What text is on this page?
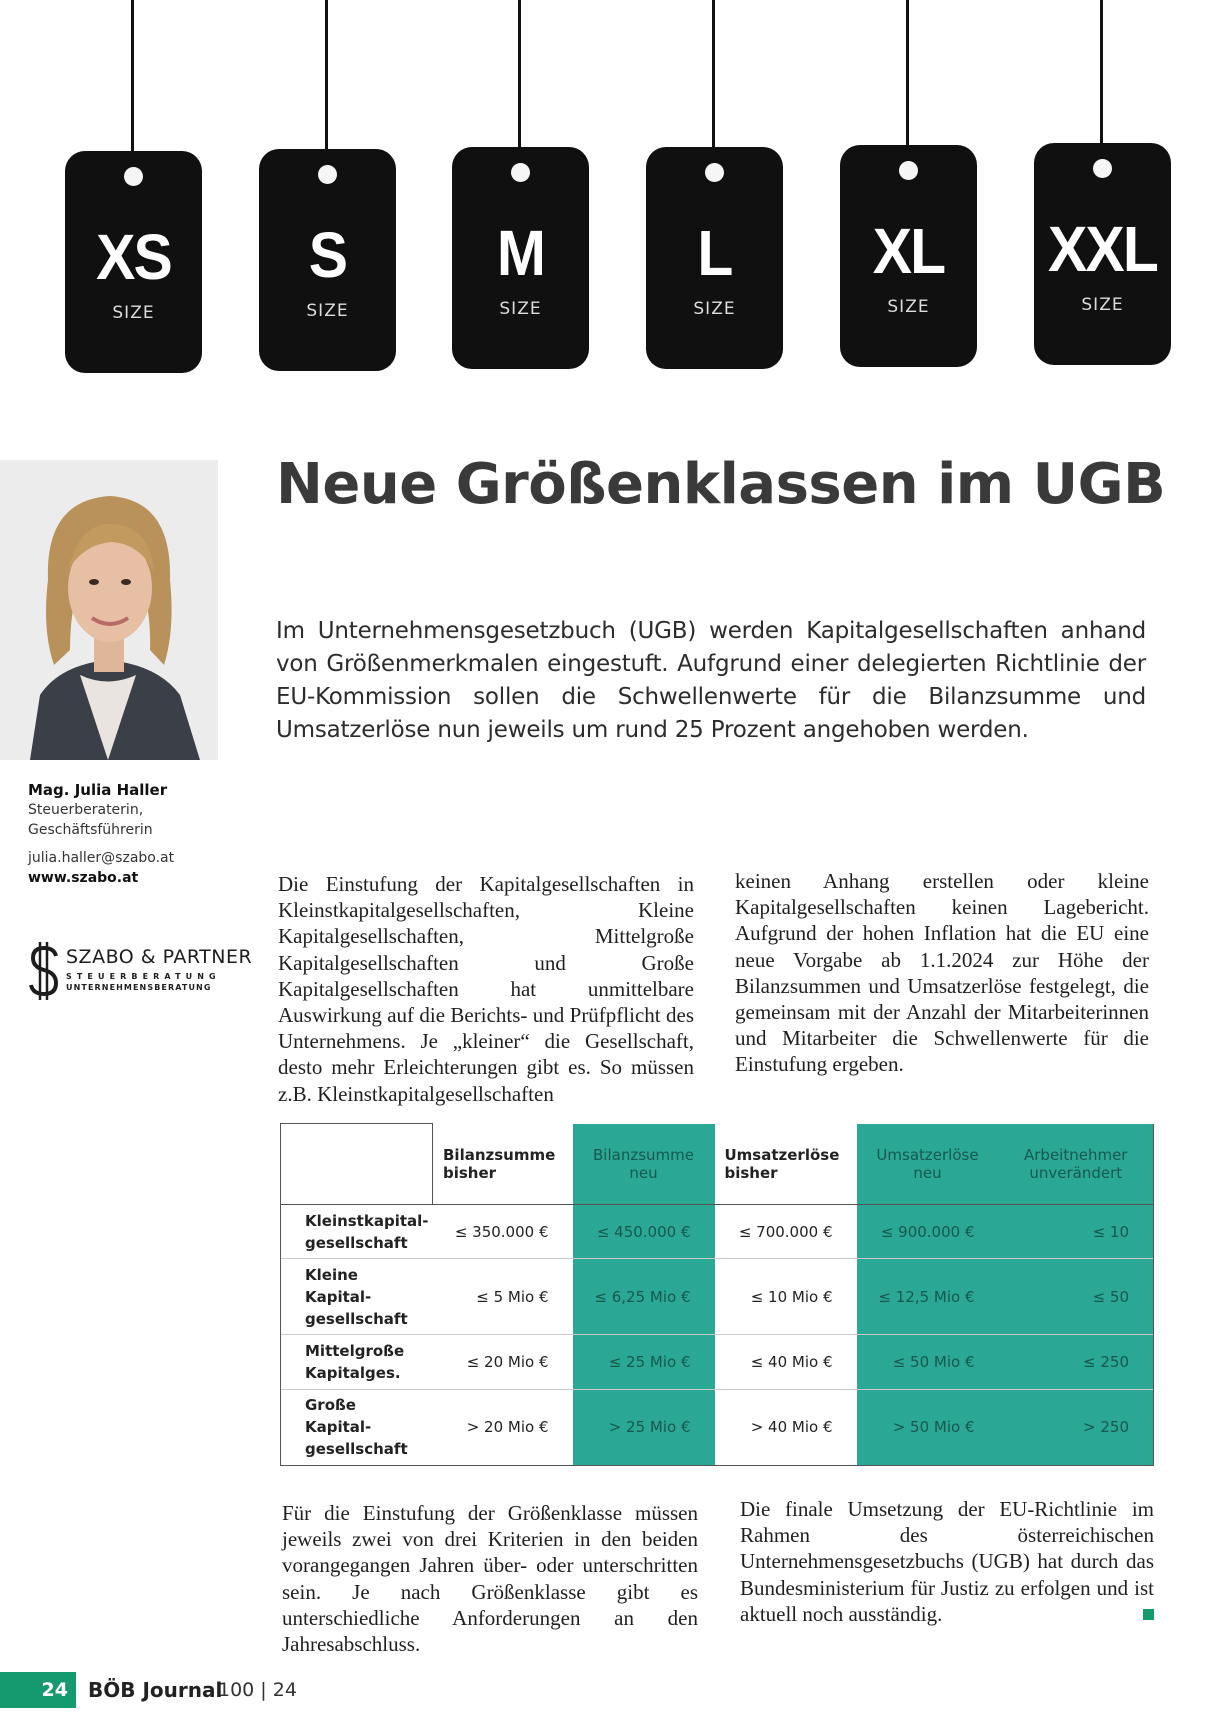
XS
SIZE
S
SIZE
M
SIZE
L
SIZE
XL
SIZE
XXL
SIZE
Neue Größenklassen im UGB
Mag. Julia Haller
Steuerberaterin,
Geschäftsführerin
julia.haller@szabo.at
www.szabo.at
SZABO & PARTNER
STEUERBERATUNG
UNTERNEHMENSBERATUNG

Im Unternehmensgesetzbuch (UGB) werden Kapitalgesellschaften anhand von Größenmerkmalen eingestuft. Aufgrund einer delegierten Richtlinie der EU-Kommission sollen die Schwellenwerte für die Bilanzsumme und Umsatzerlöse nun jeweils um rund 25 Prozent angehoben werden.

Die Einstufung der Kapitalgesellschaften in Kleinstkapitalgesellschaften, Kleine Kapitalgesellschaften, Mittelgroße Kapitalgesellschaften und Große Kapitalgesellschaften hat unmittelbare Auswirkung auf die Berichts- und Prüfpflicht des Unternehmens. Je „kleiner“ die Gesellschaft, desto mehr Erleichterungen gibt es. So müssen z.B. Kleinstkapitalgesellschaften

keinen Anhang erstellen oder kleine Kapitalgesellschaften keinen Lagebericht. Aufgrund der hohen Inflation hat die EU eine neue Vorgabe ab 1.1.2024 zur Höhe der Bilanzsummen und Umsatzerlöse festgelegt, die gemeinsam mit der Anzahl der Mitarbeiterinnen und Mitarbeiter die Schwellenwerte für die Einstufung ergeben.

	Bilanzsumme bisher	Bilanzsumme neu	Umsatzerlöse bisher	Umsatzerlöse neu	Arbeitnehmer unverändert
Kleinstkapital-gesellschaft	≤ 350.000 €	≤ 450.000 €	≤ 700.000 €	≤ 900.000 €	≤ 10
Kleine Kapital-gesellschaft	≤ 5 Mio €	≤ 6,25 Mio €	≤ 10 Mio €	≤ 12,5 Mio €	≤ 50
Mittelgroße Kapitalges.	≤ 20 Mio €	≤ 25 Mio €	≤ 40 Mio €	≤ 50 Mio €	≤ 250
Große Kapital-gesellschaft	> 20 Mio €	> 25 Mio €	> 40 Mio €	> 50 Mio €	> 250

Für die Einstufung der Größenklasse müssen jeweils zwei von drei Kriterien in den beiden vorangegangen Jahren über- oder unterschritten sein. Je nach Größenklasse gibt es unterschiedliche Anforderungen an den Jahresabschluss.

Die finale Umsetzung der EU-Richtlinie im Rahmen des österreichischen Unternehmensgesetzbuchs (UGB) hat durch das Bundesministerium für Justiz zu erfolgen und ist aktuell noch ausständig.

24	BÖB Journal
100 | 24
